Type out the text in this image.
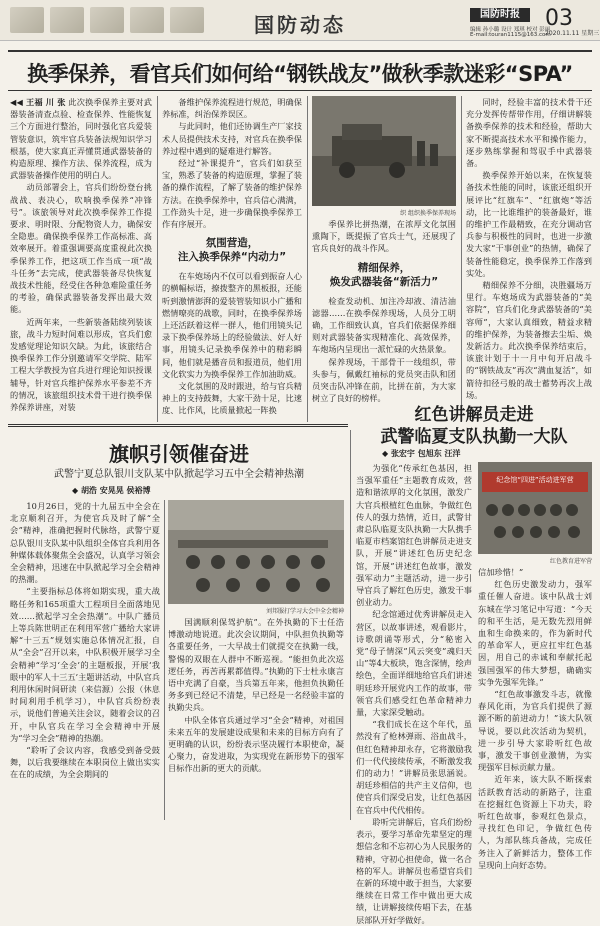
国防动态	国防时报
编辑 孙小璐 设计 郑琪 校对 彭丽
E-mail:touran1115@163.com
03
2020.11.11 星期三
换季保养，看官兵们如何给“钢铁战友”做秋季款迷彩“SPA”

◀◀ 王福 川 张 此次换季保养主要对武器装备清查点验、检查保养、性能恢复三个方面进行整治，同时强化官兵爱装管装意识，筑牢官兵装备法规知识学习根基，使大家真正弄懂贯通武器装备的构造原理、操作方法、保养流程，成为武器装备操作使用的明白人。

动员部署会上，官兵们纷纷登台挑战战、表决心，吹响换季保养“冲锋号”。该旅领导对此次换季保养工作提要求、明时限、分配物资人力，确保安全隐患。确保换季保养工作高标准、高效率展开。着重强调要高度重视此次换季保养工作，把这项工作当成一项“战斗任务”去完成，使武器装备尽快恢复战技术性能，经受住各种急难险重任务的考验，确保武器装备发挥出最大效能。

近两年来，一些新装备陆续列装该旅，战斗力短时间难以形成，官兵们愈发感觉理论知识欠缺。为此，该旅结合换季保养工作分别邀请军交学院、陆军工程大学教授为官兵进行理论知识授课辅导，针对官兵维护保养水平参差不齐的情况，该旅组织技术骨干进行换季保养保养讲座，对装

备维护保养流程进行规范，明确保养标准，纠治保养误区。

与此同时，他们还协调生产厂家技术人员提供技术支持，对官兵在换季保养过程中遇到的疑难进行解答。

经过“补课提升”，官兵们如获至宝，熟悉了装备的构造原理，掌握了装备的操作流程，了解了装备的维护保养方法。在换季保养中，官兵信心满满，工作劲头十足，进一步确保换季保养工作有序展开。

氛围营造，
注入换季保养“内动力”

在车炮场内不仅可以看到振奋人心的横幅标语，撩拨整齐的黑板报，还能听到激情澎湃的爱装管装知识小广播和燃情嘹亮的战歌，同时，在换季保养场上还活跃着这样一群人，他们用镜头记录下换季保养场上的经验做法、好人好事，用镜头记录换季保养中的精彩瞬间，他们就是播音员和报道员，他们用文化软实力为换季保养工作加油助威。

文化氛围的及时跟进，给与官兵精神上的支持鼓舞，大家干劲十足，比速度、比作风，比质量掀起一阵换

织 组织换季保养现场

季保养比拼热潮，在浓厚文化氛围熏陶下，既提振了官兵士气，还展现了官兵良好的战斗作风。

精细保养，
焕发武器装备“新活力”

检查发动机、加注冷却液、清洁油滤器……在换季保养现场，人员分工明确，工作细致认真，官兵们依据保养细则对武器装备实现精准化、高效保养，车炮场内呈现出一派忙碌的火热景象。

保养现场，干部骨干一线组织，带头参与，佩戴红袖标的党员突击队和团员突击队冲锋在前，比拼在前，为大家树立了良好的榜样。

同时，经验丰富的技术骨干还充分发挥传帮带作用，仔细讲解装备换季保养的技术和经验，帮助大家不断提高技术水平和操作能力，逐步熟练掌握和驾驭手中武器装备。

换季保养开始以来，在恢复装备技术性能的同时，该旅还组织开展评比“红旗车”、“红旗炮”等活动，比一比谁维护的装备最好，谁的维护工作最精致，在充分调动官兵参与积极性的同时，也进一步激发大家“干事创业”的热情，确保了装备性能稳定，换季保养工作落到实处。

精细保养不分细，决胜疆场万里行。车炮场成为武器装备的“美容院”，官兵们化身武器装备的“美容师”，大家认真细致，精益求精的维护保养，为装备擦去尘垢、焕发新活力。此次换季保养结束后，该旅计划于十一月中旬开启战斗的“钢铁战友”再次“满血复活”，如箭待扣径弓般的战士蓄势再次上战场。

红色讲解员走进
武警临夏支队执勤一大队
◆ 张宏宇 包旭东 汪洋
旗帜引领催奋进
武警宁夏总队银川支队某中队掀起学习五中全会精神热潮
◆ 胡浩 安晃晃 侯裕博

10月26日，党的十九届五中全会在北京顺利召开，为使官兵及时了解“全会”精神，准确把握时代脉络，武警宁夏总队银川支队某中队组织全体官兵利用各种媒体载体聚焦全会盛况，认真学习领会全会精神，迅速在中队掀起学习全会精神的热潮。

“主要指标总体将如期实现，重大战略任务和165项重大工程项目全面落地见效……掀起学习全会热潮”。中队广播员上等兵陈世明正在利用军营广播给大家讲解“十三五”规划实施总体情况汇报，自从“全会”召开以来，中队积极开展学习全会精神“学习‘全会’的主题板报，开展‘我眼中的军人十三五’主题讲活动，中队官兵利用休闲时间研读（来信源）公报（休息时间利用手机学习），中队官兵纷纷表示，说他们普遍关注会议，随着会议的召开，中队官兵在学习全会精神中开展为“学习全会”精神的热潮。

“聆听了会议内容，我感受到备受鼓舞，以后我要继续在本职岗位上做出实实在在的成绩，为全会期间的

刘邦服打学习大会中全会精神

国满顺利保驾护航”。在外执勤的下士任浩博激动地说道。此次会议期间，中队担负执勤等各重要任务，一大早战士们就提交在执勤一线，警惕的双眼在人群中不断巡视。“能担负此次巡逻任务，再苦再累都值得。”执勤的下士杜永康言语中充满了自豪，当兵第五年来，他担负执勤任务多到已经记不清楚，早已经是一名经验丰富的执勤尖兵。

中队全体官兵通过学习“全会”精神，对祖国未来五年的发展建设成果和未来的目标方向有了更明确的认识，纷纷表示坚决履行本职使命，凝心聚力，奋发进取，为实现党在新形势下的强军目标作出新的更大的贡献。

为强化“传承红色基因，担当强军重任”主题教育成效，营造和谐浓厚的文化氛围，激发广大官兵根植红色血脉，争做红色传人的强力热情，近日，武警甘肃总队临夏支队执勤一大队携手临夏市档案馆红色讲解员走进支队，开展“讲述红色历史纪念馆，开展”讲述红色故事，激发强军动力”主题活动，进一步引导官兵了解红色历史，激发干事创业动力。

纪念馆通过优秀讲解员走入营区，以故事讲述，观看影片，诗歌朗诵等形式，分“秘密入党”母子情深”风云突变”魂归天山”等4大板块，饱含深情，绘声绘色，全面详细地给官兵们讲述明廷珍开展党内工作的故事，带领官兵们感受红色革命精神力量，大家深受触动。

“我们成长在这个年代，虽然没有了枪林弹雨、浴血战斗，但红色精神却永存，它将激励我们一代代接续传承，不断激发我们的动力！”讲解员张思涵说。胡廷珍相信的共产主义信仰，也使官兵们深受启发，让红色基因在官兵中代代相传。

聆听完讲解后，官兵们纷纷表示，要学习革命先辈坚定的理想信念和不忘初心为人民服务的精神，守初心担使命，做一名合格的军人。讲解员也希望官兵们在新的环境中敢于担当，大家要继续在日常工作中做出更大成绩，让讲解接续传唱下去，在基层部队开好学做好。

纪念馆“四进”活动进军营
红色教育进军营

信加珍惜！”

红色历史激发动力，强军重任催人奋进。该中队战士刘东城在学习笔记中写道：“今天的和平生活，是无数先烈用鲜血和生命换来的，作为新时代的革命军人，更应扛牢红色基因，用自己的赤诚和奉献托起强国强军的伟大梦想，确确实实争先强军先锋。”

“红色故事激发斗志，就像春风化雨，为官兵们提供了源源不断的前进动力！”该大队领导说，要以此次活动为契机，进一步引导大家聆听红色故事，激发干事创业激情，为实现强军目标贡献力量。

近年来，该大队不断探索活跃教育活动的新路子，注重在挖掘红色资源上下功夫，聆听红色故事，参观红色景点，寻找红色印记，争做红色传人，为部队练兵备战，完成任务注入了新鲜活力，整体工作呈现向上向好态势。
